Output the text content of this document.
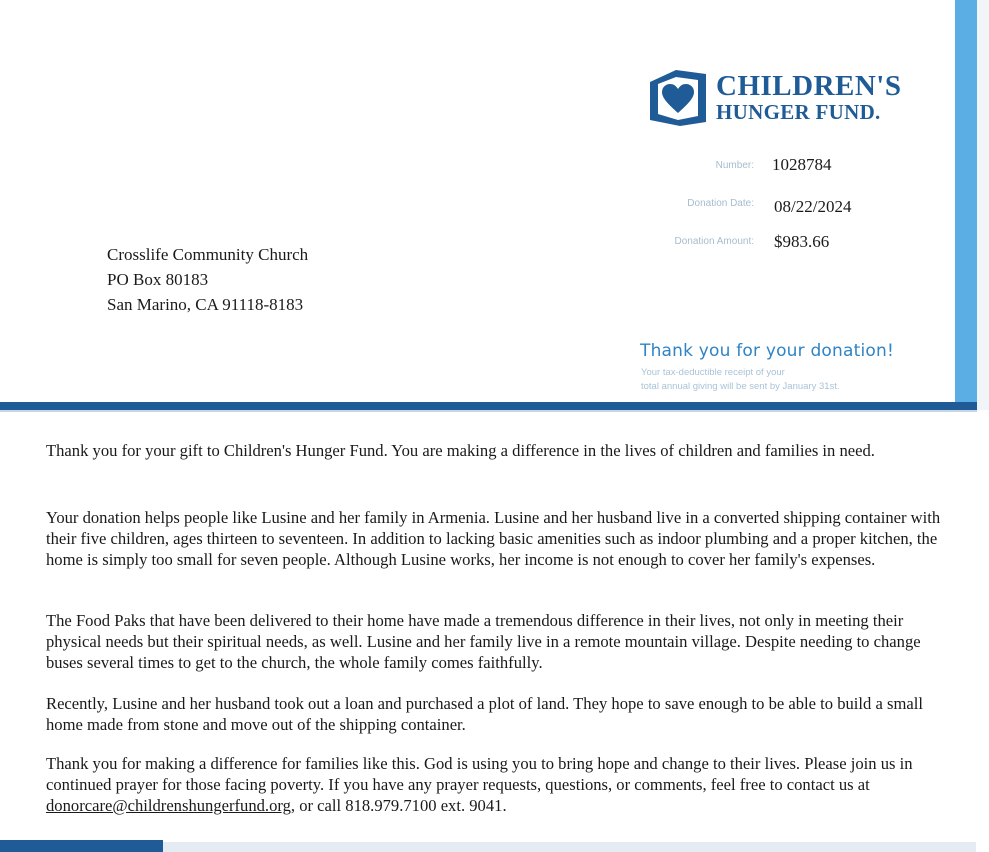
CHILDREN'S
HUNGER FUND.
Number: 1028784
Donation Date: 08/22/2024
Donation Amount: $983.66
Crosslife Community Church
PO Box 80183
San Marino, CA 91118-8183
Thank you for your donation!
Your tax-deductible receipt of your
total annual giving will be sent by January 31st.

Thank you for your gift to Children's Hunger Fund. You are making a difference in the lives of children and families in need.

Your donation helps people like Lusine and her family in Armenia. Lusine and her husband live in a converted shipping container with their five children, ages thirteen to seventeen. In addition to lacking basic amenities such as indoor plumbing and a proper kitchen, the home is simply too small for seven people. Although Lusine works, her income is not enough to cover her family's expenses.

The Food Paks that have been delivered to their home have made a tremendous difference in their lives, not only in meeting their physical needs but their spiritual needs, as well. Lusine and her family live in a remote mountain village. Despite needing to change buses several times to get to the church, the whole family comes faithfully.

Recently, Lusine and her husband took out a loan and purchased a plot of land. They hope to save enough to be able to build a small home made from stone and move out of the shipping container.

Thank you for making a difference for families like this. God is using you to bring hope and change to their lives. Please join us in continued prayer for those facing poverty. If you have any prayer requests, questions, or comments, feel free to contact us at donorcare@childrenshungerfund.org, or call 818.979.7100 ext. 9041.
